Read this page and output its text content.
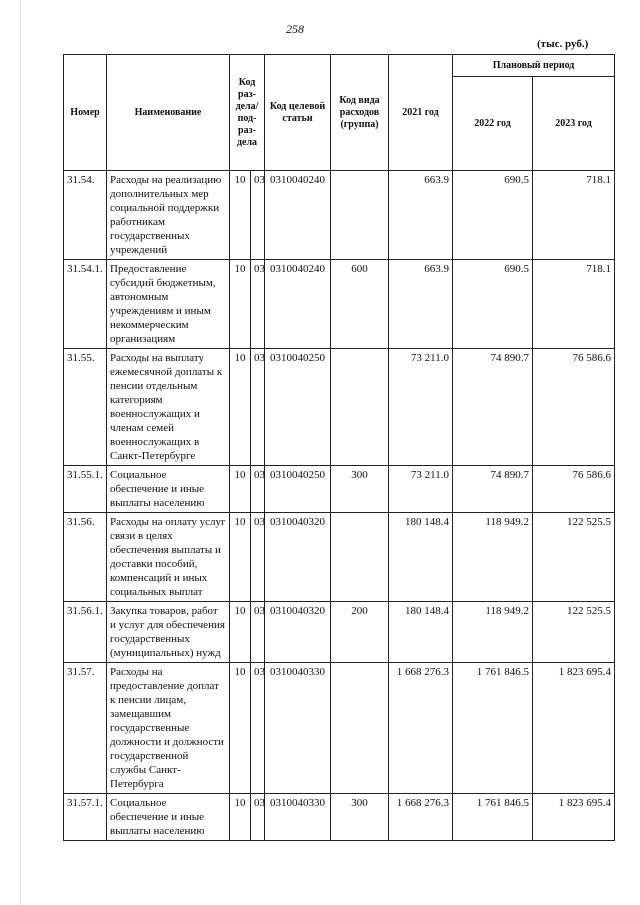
258
(тыс. руб.)
Номер	Наименование	Код раз-дела/ под-раз-дела		Код целевой статьи	Код вида расходов (группа)	2021 год	Плановый период	
							2022 год	2023 год
31.54.	Расходы на реализацию дополнительных мер социальной поддержки работникам государственных учреждений	10	03	0310040240		663.9	690.5	718.1
31.54.1.	Предоставление субсидий бюджетным, автономным учреждениям и иным некоммерческим организациям	10	03	0310040240	600	663.9	690.5	718.1
31.55.	Расходы на выплату ежемесячной доплаты к пенсии отдельным категориям военнослужащих и членам семей военнослужащих в Санкт-Петербурге	10	03	0310040250		73 211.0	74 890.7	76 586.6
31.55.1.	Социальное обеспечение и иные выплаты населению	10	03	0310040250	300	73 211.0	74 890.7	76 586.6
31.56.	Расходы на оплату услуг связи в целях обеспечения выплаты и доставки пособий, компенсаций и иных социальных выплат	10	03	0310040320		180 148.4	118 949.2	122 525.5
31.56.1.	Закупка товаров, работ и услуг для обеспечения государственных (муниципальных) нужд	10	03	0310040320	200	180 148.4	118 949.2	122 525.5
31.57.	Расходы на предоставление доплат к пенсии лицам, замещавшим государственные должности и должности государственной службы Санкт-Петербурга	10	03	0310040330		1 668 276.3	1 761 846.5	1 823 695.4
31.57.1.	Социальное обеспечение и иные выплаты населению	10	03	0310040330	300	1 668 276.3	1 761 846.5	1 823 695.4
